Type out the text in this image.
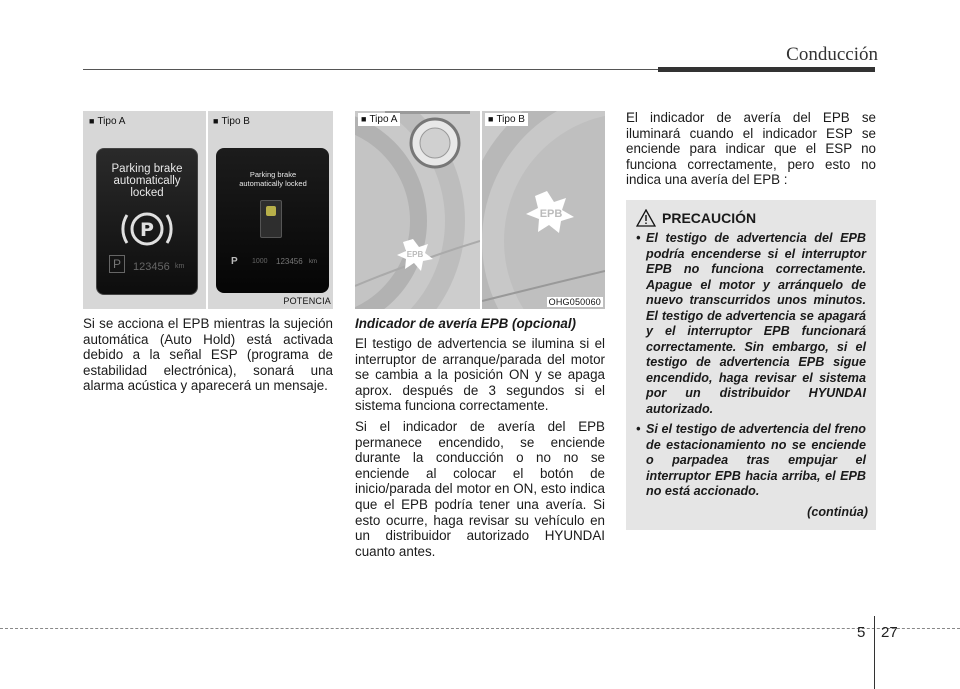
Conducción
■ Tipo A	■ Tipo B
POTENCIA
Parking brake automatically locked
P
P	123456 km
Parking brake automatically locked
P 1000 123456 km
Si se acciona el EPB mientras la sujeción automática (Auto Hold) está activada debido a la señal ESP (programa de estabilidad electrónica), sonará una alarma acústica y aparecerá un mensaje.
EPB
EPB
■ Tipo A	■ Tipo B
OHG050060
Indicador de avería EPB (opcional)
El testigo de advertencia se ilumina si el interruptor de arranque/parada del motor se cambia a la posición ON y se apaga aprox. después de 3 segundos si el sistema funciona correctamente.
Si el indicador de avería del EPB permanece encendido, se enciende durante la conducción o no no se enciende al colocar el botón de inicio/parada del motor en ON, esto indica que el EPB podría tener una avería. Si esto ocurre, haga revisar su vehículo en un distribuidor autorizado HYUNDAI cuanto antes.
El indicador de avería del EPB se iluminará cuando el indicador ESP se enciende para indicar que el ESP no funciona correctamente, pero esto no indica una avería del EPB :
PRECAUCIÓN
• El testigo de advertencia del EPB podría encenderse si el interruptor EPB no funciona correctamente. Apague el motor y arránquelo de nuevo transcurridos unos minutos. El testigo de advertencia se apagará y el interruptor EPB funcionará correctamente. Sin embargo, si el testigo de advertencia EPB sigue encendido, haga revisar el sistema por un distribuidor HYUNDAI autorizado.
• Si el testigo de advertencia del freno de estacionamiento no se enciende o parpadea tras empujar el interruptor EPB hacia arriba, el EPB no está accionado.
(continúa)
5 27
